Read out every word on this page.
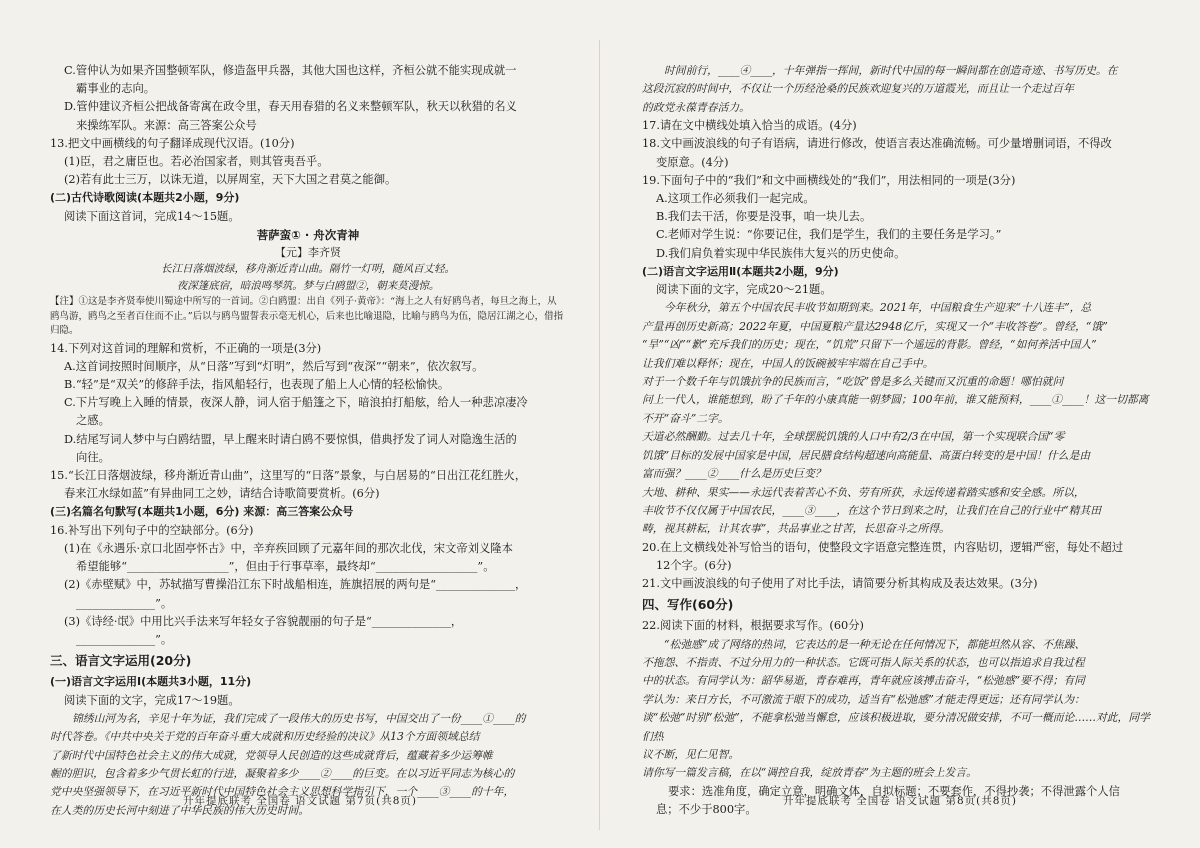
C.管仲认为如果齐国整顿军队，修造盔甲兵器，其他大国也这样，齐桓公就不能实现成就一

霸事业的志向。

D.管仲建议齐桓公把战备寄寓在政令里，春天用春猎的名义来整顿军队，秋天以秋猎的名义

来操练军队。来源：高三答案公众号

13.把文中画横线的句子翻译成现代汉语。(10分)

(1)臣，君之庸臣也。若必治国家者，则其管夷吾乎。

(2)若有此士三万，以诛无道，以屏周室，天下大国之君莫之能御。

(二)古代诗歌阅读(本题共2小题，9分)

阅读下面这首词，完成14～15题。

菩萨蛮① · 舟次青神

【元】李齐贤

长江日落烟波绿，移舟渐近青山曲。隔竹一灯明，随风百丈轻。

夜深篷底宿，暗浪鸣琴筑。梦与白鸥盟②，朝来莫漫惊。

【注】①这是李齐贤奉使川蜀途中所写的一首词。②白鸥盟：出自《列子·黄帝》：“海上之人有好鸥鸟者，每旦之海上，从鸥鸟游，鸥鸟之至者百住而不止。”后以与鸥鸟盟誓表示毫无机心，后来也比喻退隐，比喻与鸥鸟为伍，隐居江湖之心，借指归隐。

14.下列对这首词的理解和赏析，不正确的一项是(3分)

A.这首词按照时间顺序，从“日落”写到“灯明”，然后写到“夜深”“朝来”，依次叙写。

B.“轻”是“双关”的修辞手法，指风船轻行，也表现了船上人心情的轻松愉快。

C.下片写晚上入睡的情景，夜深人静，词人宿于船篷之下，暗浪拍打船舷，给人一种悲凉凄冷

之感。

D.结尾写词人梦中与白鸥结盟，早上醒来时请白鸥不要惊惧，借典抒发了词人对隐逸生活的

向往。

15.“长江日落烟波绿，移舟渐近青山曲”，这里写的“日落”景象，与白居易的“日出江花红胜火，

春来江水绿如蓝”有异曲同工之妙，请结合诗歌简要赏析。(6分)

(三)名篇名句默写(本题共1小题，6分) 来源：高三答案公众号

16.补写出下列句子中的空缺部分。(6分)

(1)在《永遇乐·京口北固亭怀古》中，辛弃疾回顾了元嘉年间的那次北伐，宋文帝刘义隆本

希望能够“__________________”，但由于行事草率，最终却“__________________”。

(2)《赤壁赋》中，苏轼描写曹操沿江东下时战船相连，旌旗招展的两句是“______________，

______________”。

(3)《诗经·氓》中用比兴手法来写年轻女子容貌靓丽的句子是“______________，

______________”。

三、语言文字运用(20分)

(一)语言文字运用Ⅰ(本题共3小题，11分)

阅读下面的文字，完成17～19题。

锦绣山河为名，辛见十年为证，我们完成了一段伟大的历史书写，中国交出了一份____①____的

时代答卷。《中共中央关于党的百年奋斗重大成就和历史经验的决议》从13个方面领域总结

了新时代中国特色社会主义的伟大成就，党领导人民创造的这些成就背后，蕴藏着多少运筹帷

幄的胆识，包含着多少气贯长虹的行进，凝聚着多少____②____的巨变。在以习近平同志为核心的

党中央坚强领导下，在习近平新时代中国特色社会主义思想科学指引下，一个____③____的十年，

在人类的历史长河中刻进了中华民族的伟大历史时间。

升年提底联考 全国卷 语文试题 第7页(共8页)

时间前行，____④____，十年弹指一挥间，新时代中国的每一瞬间都在创造奇迹、书写历史。在

这段沉寂的时间中，不仅让一个历经沧桑的民族欢迎复兴的万道霞光，而且让一个走过百年

的政党永葆青春活力。

17.请在文中横线处填入恰当的成语。(4分)

18.文中画波浪线的句子有语病，请进行修改，使语言表达准确流畅。可少量增删词语，不得改

变原意。(4分)

19.下面句子中的“我们”和文中画横线处的“我们”，用法相同的一项是(3分)

A.这项工作必须我们一起完成。

B.我们去干活，你要是没事，咱一块儿去。

C.老师对学生说：“你要记住，我们是学生，我们的主要任务是学习。”

D.我们肩负着实现中华民族伟大复兴的历史使命。

(二)语言文字运用Ⅱ(本题共2小题，9分)

阅读下面的文字，完成20～21题。

今年秋分，第五个中国农民丰收节如期到来。2021年，中国粮食生产迎来“十八连丰”，总

产量再创历史新高；2022年夏，中国夏粮产量达2948亿斤，实现又一个“丰收答卷”。曾经，“饿”

“旱”“凶”“歉”充斥我们的历史；现在，“饥荒”只留下一个遥远的背影。曾经，“如何养活中国人”

让我们难以释怀；现在，中国人的饭碗被牢牢端在自己手中。

对于一个数千年与饥饿抗争的民族而言，“吃饭”曾是多么关键而又沉重的命题！哪怕就问

问上一代人，谁能想到，盼了千年的小康真能一朝梦圆；100年前，谁又能预料，____①____！这一切都离

不开“奋斗”二字。

天道必然酬勤。过去几十年，全球摆脱饥饿的人口中有2/3在中国，第一个实现联合国“零

饥饿”目标的发展中国家是中国，居民膳食结构超速向高能量、高蛋白转变的是中国！什么是由

富而强？____②____什么是历史巨变？

大地、耕种、果实——永远代表着苦心不负、劳有所获，永远传递着踏实感和安全感。所以，

丰收节不仅仅属于中国农民，____③____，在这个节日到来之时，让我们在自己的行业中“精其田

畴，视其耕耘，计其农事”，共品事业之甘苦，长思奋斗之所得。

20.在上文横线处补写恰当的语句，使整段文字语意完整连贯，内容贴切，逻辑严密，每处不超过

12个字。(6分)

21.文中画波浪线的句子使用了对比手法，请简要分析其构成及表达效果。(3分)

四、写作(60分)

22.阅读下面的材料，根据要求写作。(60分)

“松弛感”成了网络的热词，它表达的是一种无论在任何情况下，都能坦然从容、不焦躁、

不拖怨、不指责、不过分用力的一种状态。它既可指人际关系的状态，也可以指追求自我过程

中的状态。有同学认为：韶华易逝，青春难再，青年就应该搏击奋斗，“松弛感”要不得；有同

学认为：来日方长，不可激流于眼下的成功，适当有“松弛感”才能走得更远；还有同学认为：

谈“松弛”时别“松弛”，不能拿松弛当懈怠，应该积极进取，要分清况做安排，不可一概而论……对此，同学们热

议不断，见仁见智。

请你写一篇发言稿，在以“调控自我，绽放青春”为主题的班会上发言。

要求：选准角度，确定立意，明确文体，自拟标题；不要套作，不得抄袭；不得泄露个人信

息；不少于800字。

升年提底联考 全国卷 语文试题 第8页(共8页)
